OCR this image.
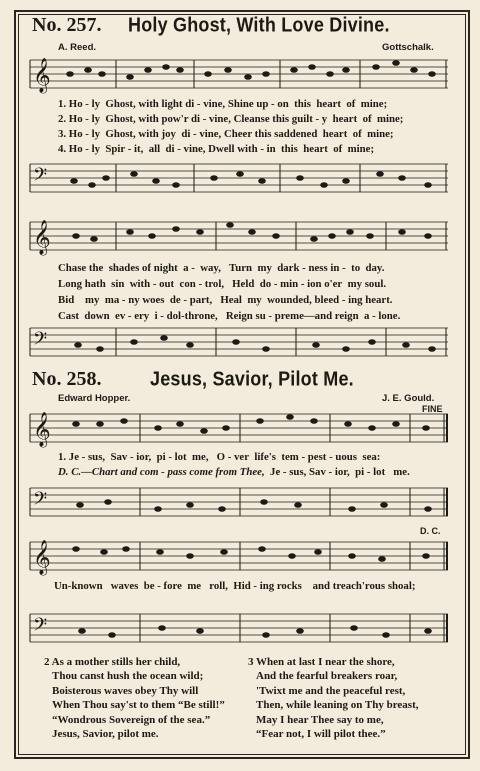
No. 257. Holy Ghost, With Love Divine.
A. Reed.	Gottschalk.
𝄞
𝄢
1. Ho - ly Ghost, with light di - vine, Shine up - on this heart of mine;
2. Ho - ly Ghost, with pow'r di - vine, Cleanse this guilt - y heart of mine;
3. Ho - ly Ghost, with joy di - vine, Cheer this saddened heart of mine;
4. Ho - ly Spir - it, all di - vine, Dwell with - in this heart of mine;
𝄞
𝄢
Chase the shades of night a - way, Turn my dark - ness in - to day.
Long hath sin with - out con - trol, Held do - min - ion o'er my soul.
Bid my ma - ny woes de - part, Heal my wounded, bleed - ing heart.
Cast down ev - ery i - dol-throne, Reign su - preme—and reign a - lone.
No. 258.	Jesus, Savior, Pilot Me.
Edward Hopper.	J. E. Gould.
FINE
𝄞
1. Je - sus, Sav - ior, pi - lot me, O - ver life's tem - pest - uous sea:
D. C.—Chart and com - pass come from Thee, Je - sus, Sav - ior, pi - lot me.
𝄢
D. C.
𝄞
Un-known waves be - fore me roll, Hid - ing rocks and treach'rous shoal;
𝄢
2 As a mother stills her child,
Thou canst hush the ocean wild;
Boisterous waves obey Thy will
When Thou say'st to them “Be still!”
“Wondrous Sovereign of the sea.”
Jesus, Savior, pilot me.
3 When at last I near the shore,
And the fearful breakers roar,
'Twixt me and the peaceful rest,
Then, while leaning on Thy breast,
May I hear Thee say to me,
“Fear not, I will pilot thee.”
